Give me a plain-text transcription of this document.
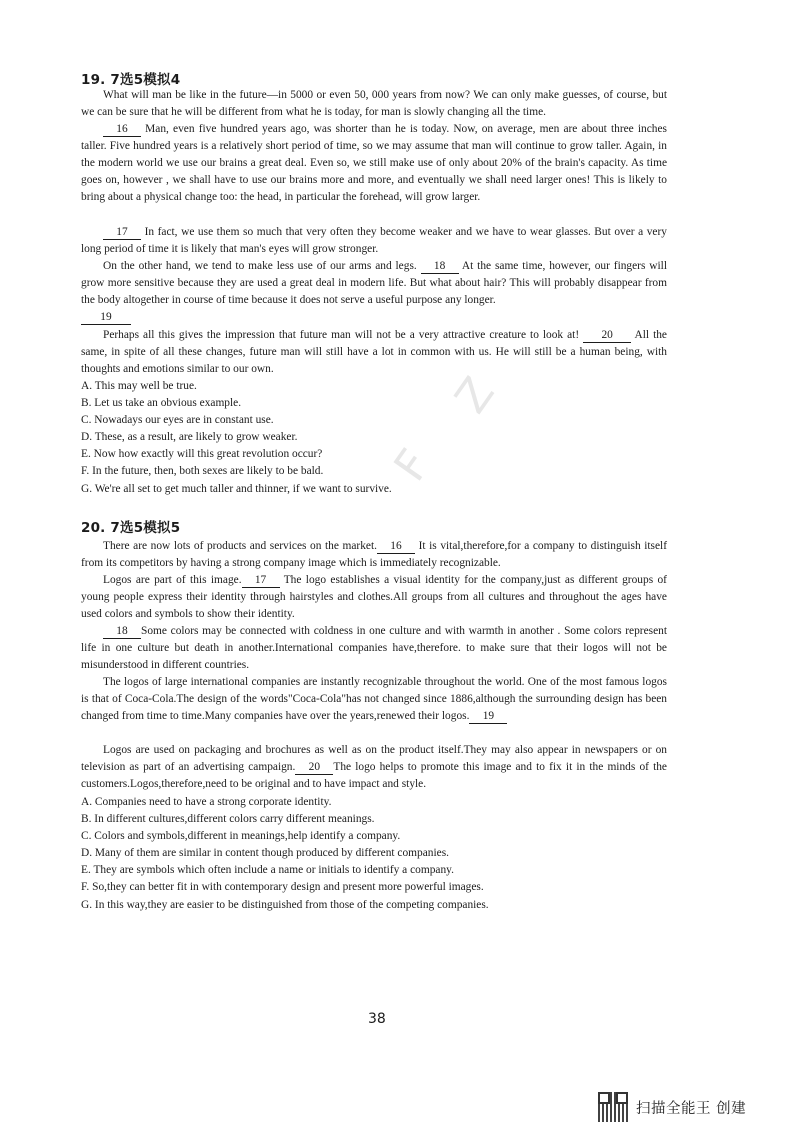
Z
F
19. 7选5模拟4

What will man be like in the future—in 5000 or even 50, 000 years from now? We can only make guesses, of course, but we can be sure that he will be different from what he is today, for man is slowly changing all the time.

16 Man, even five hundred years ago, was shorter than he is today. Now, on average, men are about three inches taller. Five hundred years is a relatively short period of time, so we may assume that man will continue to grow taller. Again, in the modern world we use our brains a great deal. Even so, we still make use of only about 20% of the brain's capacity. As time goes on, however , we shall have to use our brains more and more, and eventually we shall need larger ones! This is likely to bring about a physical change too: the head, in particular the forehead, will grow larger.

17 In fact, we use them so much that very often they become weaker and we have to wear glasses. But over a very long period of time it is likely that man's eyes will grow stronger.

On the other hand, we tend to make less use of our arms and legs. 18 At the same time, however, our fingers will grow more sensitive because they are used a great deal in modern life. But what about hair? This will probably disappear from the body altogether in course of time because it does not serve a useful purpose any longer.
19

Perhaps all this gives the impression that future man will not be a very attractive creature to look at! 20 All the same, in spite of all these changes, future man will still have a lot in common with us. He will still be a human being, with thoughts and emotions similar to our own.

A. This may well be true.
B. Let us take an obvious example.
C. Nowadays our eyes are in constant use.
D. These, as a result, are likely to grow weaker.
E. Now how exactly will this great revolution occur?
F. In the future, then, both sexes are likely to be bald.
G. We're all set to get much taller and thinner, if we want to survive.
20. 7选5模拟5

There are now lots of products and services on the market. 16 It is vital,therefore,for a company to distinguish itself from its competitors by having a strong company image which is immediately recognizable.

Logos are part of this image. 17 The logo establishes a visual identity for the company,just as different groups of young people express their identity through hairstyles and clothes.All groups from all cultures and throughout the ages have used colors and symbols to show their identity.

18 Some colors may be connected with coldness in one culture and with warmth in another . Some colors represent life in one culture but death in another.International companies have,therefore. to make sure that their logos will not be misunderstood in different countries.

The logos of large international companies are instantly recognizable throughout the world. One of the most famous logos is that of Coca-Cola.The design of the words"Coca-Cola"has not changed since 1886,although the surrounding design has been changed from time to time.Many companies have over the years,renewed their logos. 19

Logos are used on packaging and brochures as well as on the product itself.They may also appear in newspapers or on television as part of an advertising campaign. 20 The logo helps to promote this image and to fix it in the minds of the customers.Logos,therefore,need to be original and to have impact and style.

A. Companies need to have a strong corporate identity.
B. In different cultures,different colors carry different meanings.
C. Colors and symbols,different in meanings,help identify a company.
D. Many of them are similar in content though produced by different companies.
E. They are symbols which often include a name or initials to identify a company.
F. So,they can better fit in with contemporary design and present more powerful images.
G. In this way,they are easier to be distinguished from those of the competing companies.
38
扫描全能王 创建
